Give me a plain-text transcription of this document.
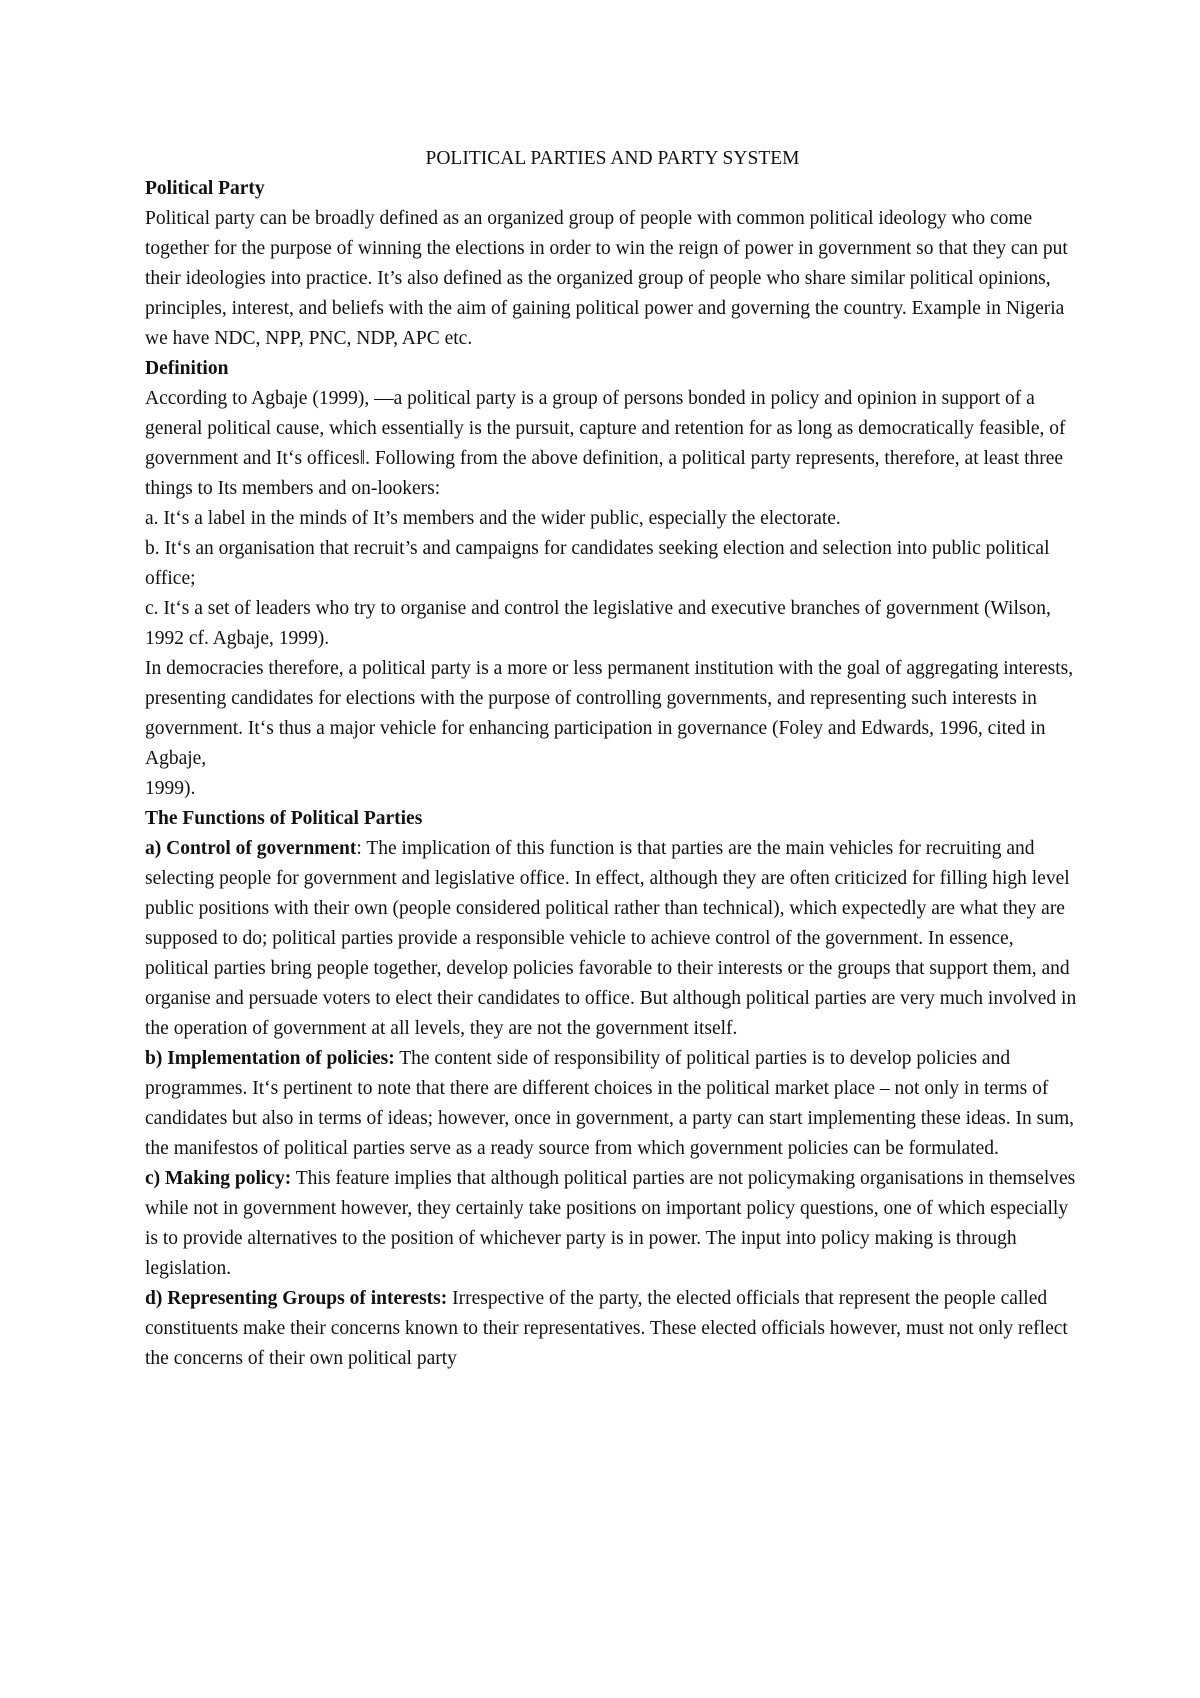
POLITICAL PARTIES AND PARTY SYSTEM

Political Party

Political party can be broadly defined as an organized group of people with common political ideology who come together for the purpose of winning the elections in order to win the reign of power in government so that they can put their ideologies into practice. It’s also defined as the organized group of people who share similar political opinions, principles, interest, and beliefs with the aim of gaining political power and governing the country. Example in Nigeria we have NDC, NPP, PNC, NDP, APC etc.

Definition

According to Agbaje (1999), ―a political party is a group of persons bonded in policy and opinion in support of a general political cause, which essentially is the pursuit, capture and retention for as long as democratically feasible, of government and It‘s offices‖. Following from the above definition, a political party represents, therefore, at least three things to Its members and on-lookers:

a. It‘s a label in the minds of It’s members and the wider public, especially the electorate.

b. It‘s an organisation that recruit’s and campaigns for candidates seeking election and selection into public political office;

c. It‘s a set of leaders who try to organise and control the legislative and executive branches of government (Wilson, 1992 cf. Agbaje, 1999).

In democracies therefore, a political party is a more or less permanent institution with the goal of aggregating interests, presenting candidates for elections with the purpose of controlling governments, and representing such interests in government. It‘s thus a major vehicle for enhancing participation in governance (Foley and Edwards, 1996, cited in Agbaje,

1999).

The Functions of Political Parties

a) Control of government: The implication of this function is that parties are the main vehicles for recruiting and selecting people for government and legislative office. In effect, although they are often criticized for filling high level public positions with their own (people considered political rather than technical), which expectedly are what they are supposed to do; political parties provide a responsible vehicle to achieve control of the government. In essence, political parties bring people together, develop policies favorable to their interests or the groups that support them, and organise and persuade voters to elect their candidates to office. But although political parties are very much involved in the operation of government at all levels, they are not the government itself.

b) Implementation of policies: The content side of responsibility of political parties is to develop policies and programmes. It‘s pertinent to note that there are different choices in the political market place – not only in terms of candidates but also in terms of ideas; however, once in government, a party can start implementing these ideas. In sum, the manifestos of political parties serve as a ready source from which government policies can be formulated.

c) Making policy: This feature implies that although political parties are not policymaking organisations in themselves while not in government however, they certainly take positions on important policy questions, one of which especially is to provide alternatives to the position of whichever party is in power. The input into policy making is through legislation.

d) Representing Groups of interests: Irrespective of the party, the elected officials that represent the people called constituents make their concerns known to their representatives. These elected officials however, must not only reflect the concerns of their own political party
